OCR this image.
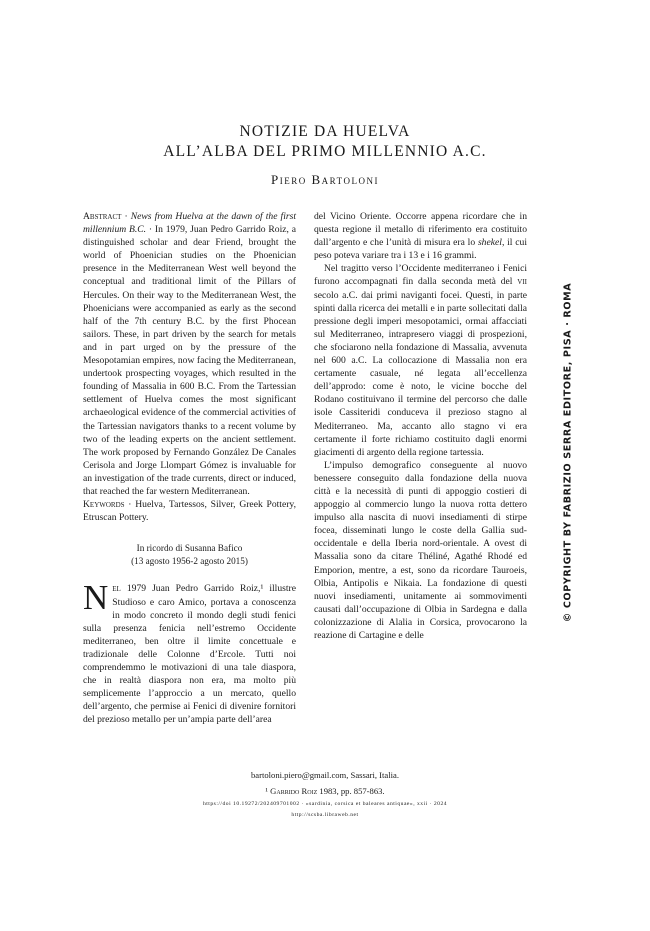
NOTIZIE DA HUELVA
ALL’ALBA DEL PRIMO MILLENNIO A.C.
Piero Bartoloni

Abstract · News from Huelva at the dawn of the first millennium B.C. · In 1979, Juan Pedro Garrido Roiz, a distinguished scholar and dear Friend, brought the world of Phoenician studies on the Phoenician presence in the Mediterranean West well beyond the conceptual and traditional limit of the Pillars of Hercules. On their way to the Mediterranean West, the Phoenicians were accompanied as early as the second half of the 7th century B.C. by the first Phocean sailors. These, in part driven by the search for metals and in part urged on by the pressure of the Mesopotamian empires, now facing the Mediterranean, undertook prospecting voyages, which resulted in the founding of Massalia in 600 B.C. From the Tartessian settlement of Huelva comes the most significant archaeological evidence of the commercial activities of the Tartessian navigators thanks to a recent volume by two of the leading experts on the ancient settlement. The work proposed by Fernando González De Canales Cerisola and Jorge Llompart Gómez is invaluable for an investigation of the trade currents, direct or induced, that reached the far western Mediterranean.

Keywords · Huelva, Tartessos, Silver, Greek Pottery, Etruscan Pottery.

In ricordo di Susanna Bafico
(13 agosto 1956-2 agosto 2015)

Nel 1979 Juan Pedro Garrido Roiz,¹ illustre Studioso e caro Amico, portava a conoscenza in modo concreto il mondo degli studi fenici sulla presenza fenicia nell’estremo Occidente mediterraneo, ben oltre il limite concettuale e tradizionale delle Colonne d’Ercole. Tutti noi comprendemmo le motivazioni di una tale diaspora, che in realtà diaspora non era, ma molto più semplicemente l’approccio a un mercato, quello dell’argento, che permise ai Fenici di divenire fornitori del prezioso metallo per un’ampia parte dell’area

del Vicino Oriente. Occorre appena ricordare che in questa regione il metallo di riferimento era costituito dall’argento e che l’unità di misura era lo shekel, il cui peso poteva variare tra i 13 e i 16 grammi.

Nel tragitto verso l’Occidente mediterraneo i Fenici furono accompagnati fin dalla seconda metà del vii secolo a.C. dai primi naviganti focei. Questi, in parte spinti dalla ricerca dei metalli e in parte sollecitati dalla pressione degli imperi mesopotamici, ormai affacciati sul Mediterraneo, intrapresero viaggi di prospezioni, che sfociarono nella fondazione di Massalia, avvenuta nel 600 a.C. La collocazione di Massalia non era certamente casuale, né legata all’eccellenza dell’approdo: come è noto, le vicine bocche del Rodano costituivano il termine del percorso che dalle isole Cassiteridi conduceva il prezioso stagno al Mediterraneo. Ma, accanto allo stagno vi era certamente il forte richiamo costituito dagli enormi giacimenti di argento della regione tartessia.

L’impulso demografico conseguente al nuovo benessere conseguito dalla fondazione della nuova città e la necessità di punti di appoggio costieri di appoggio al commercio lungo la nuova rotta dettero impulso alla nascita di nuovi insediamenti di stirpe focea, disseminati lungo le coste della Gallia sud-occidentale e della Iberia nord-orientale. A ovest di Massalia sono da citare Théliné, Agathé Rhodé ed Emporion, mentre, a est, sono da ricordare Tauroeis, Olbia, Antipolis e Nikaia. La fondazione di questi nuovi insediamenti, unitamente ai sommovimenti causati dall’occupazione di Olbia in Sardegna e dalla colonizzazione di Alalia in Corsica, provocarono la reazione di Cartagine e delle

bartoloni.piero@gmail.com, Sassari, Italia.
¹ Garrido Roiz 1983, pp. 857-863.
https://doi 10.19272/202409701002 · «sardinia, corsica et baleares antiquae», xxii · 2024
http://scsba.libraweb.net
© COPYRIGHT BY FABRIZIO SERRA EDITORE, PISA · ROMA
